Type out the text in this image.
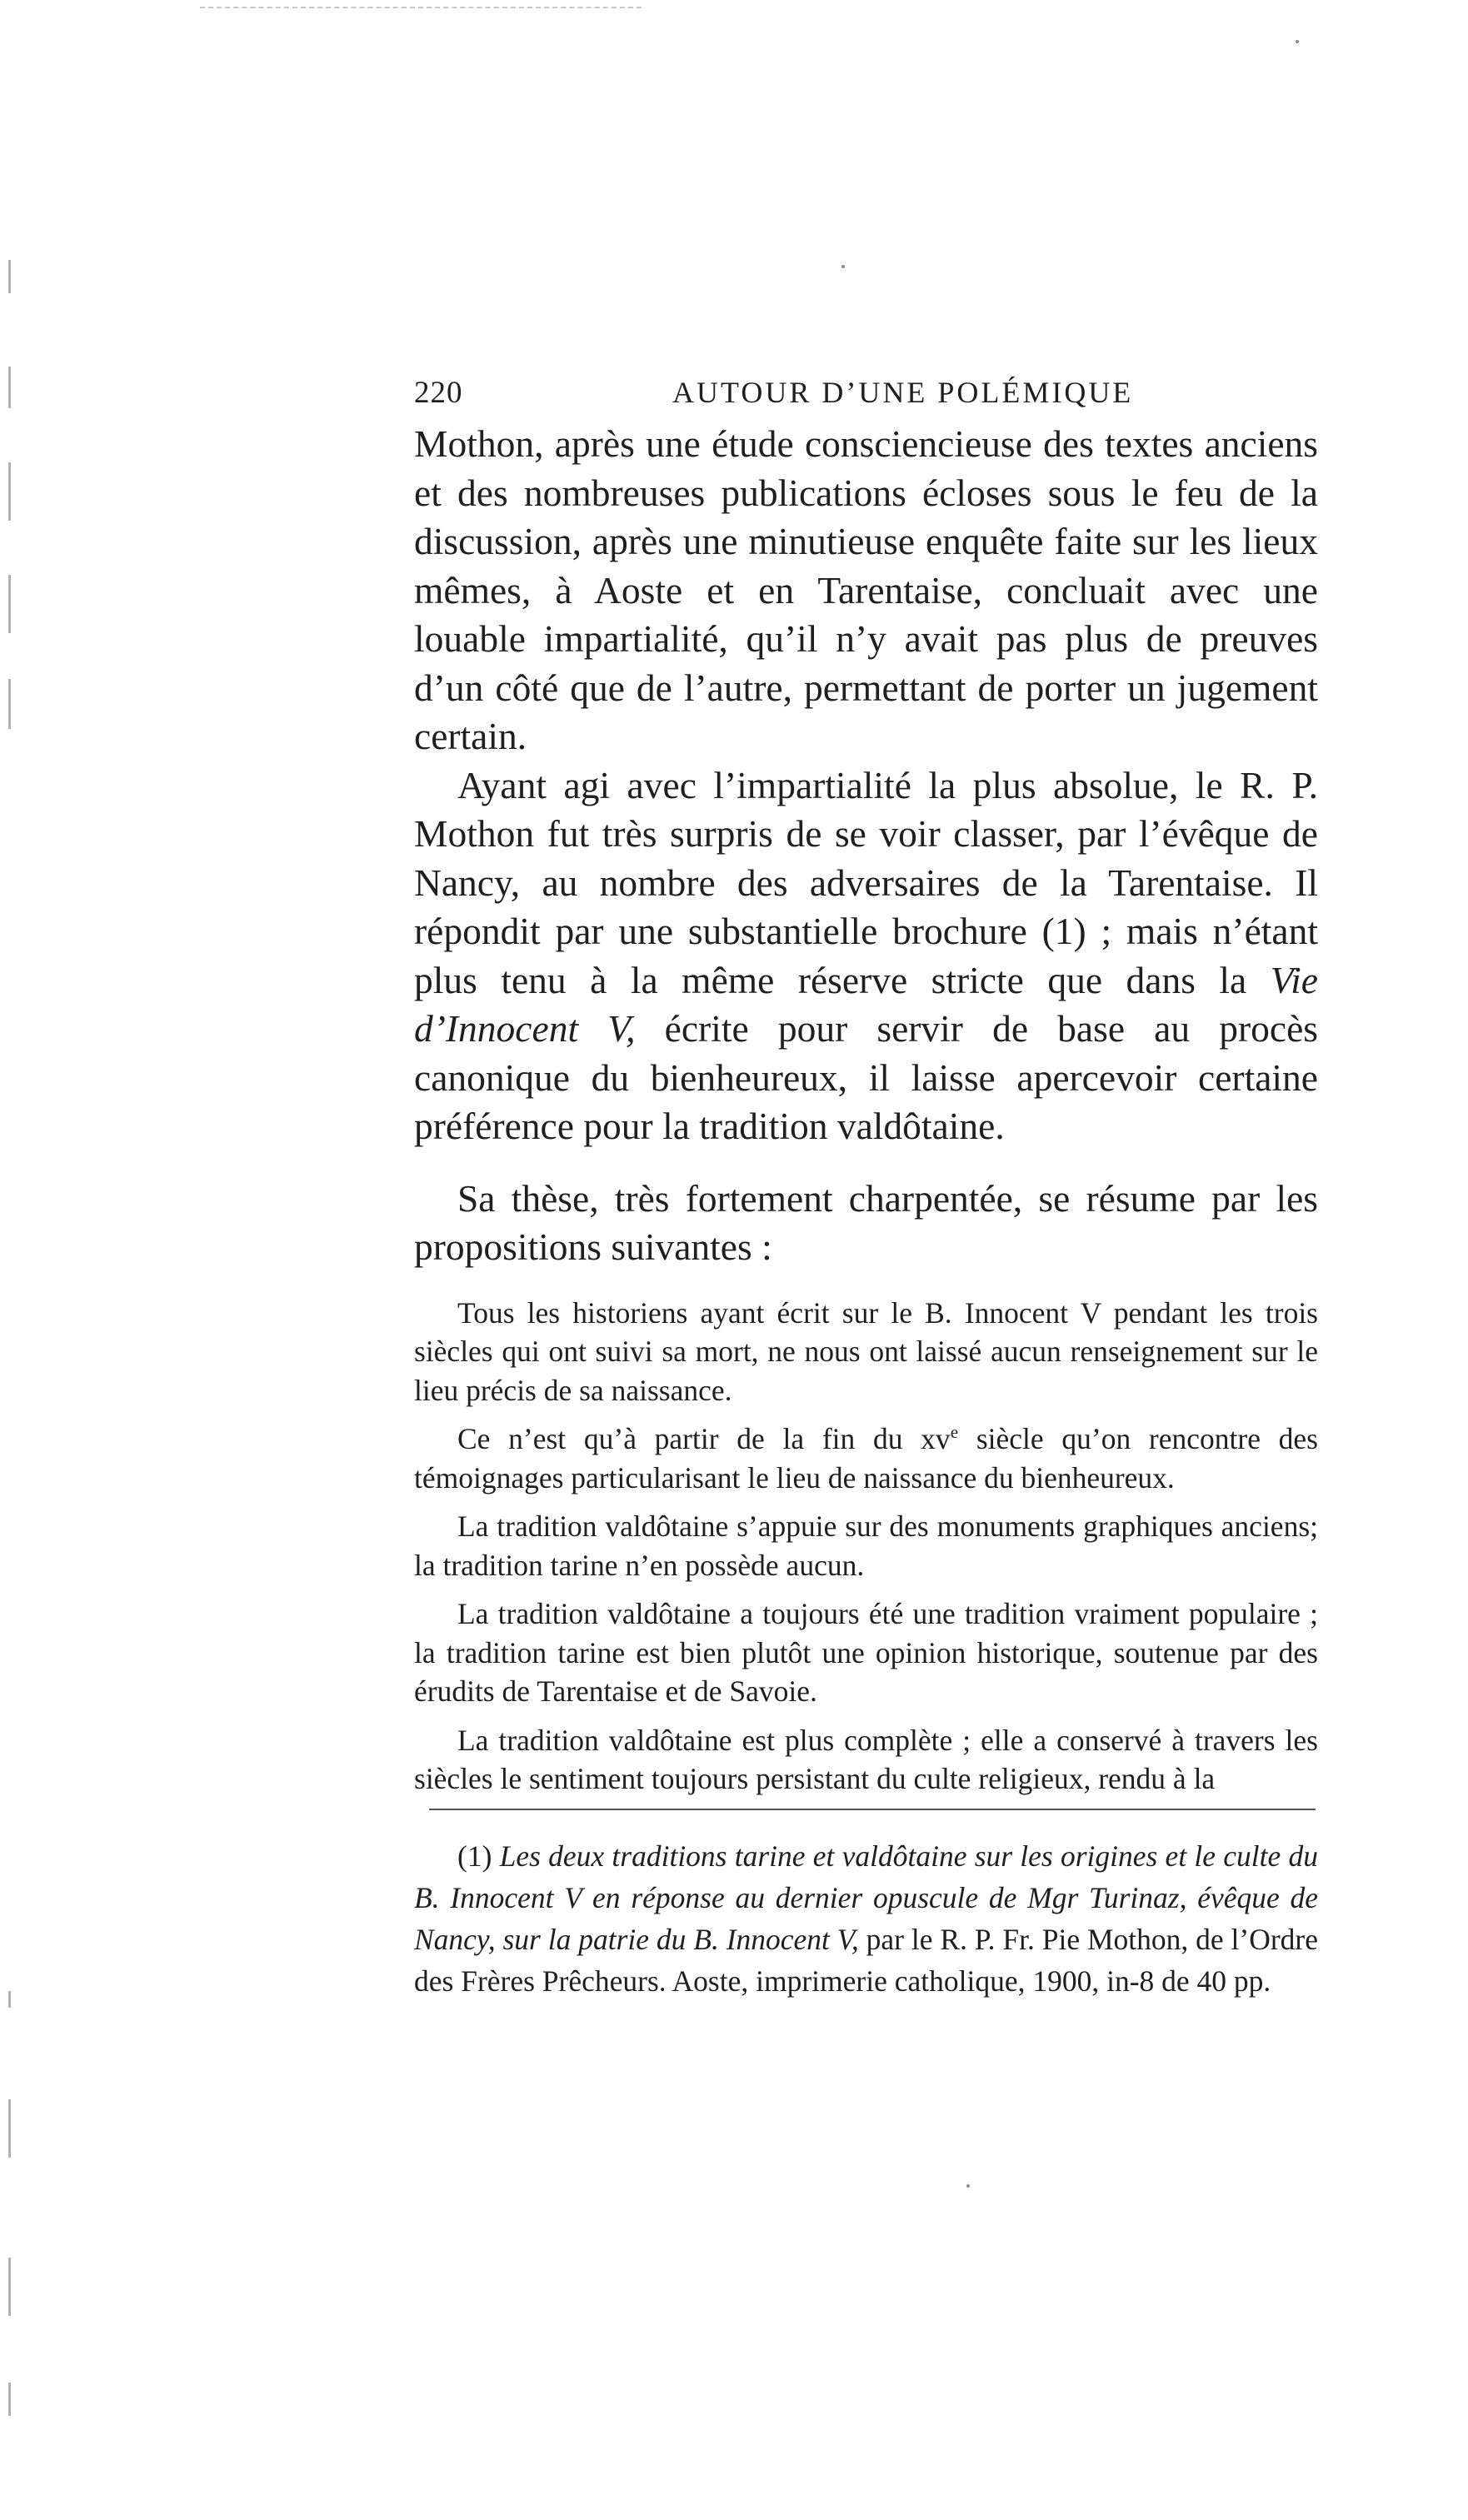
220	AUTOUR D’UNE POLÉMIQUE

Mothon, après une étude consciencieuse des textes anciens et des nombreuses publications écloses sous le feu de la discussion, après une minutieuse enquête faite sur les lieux mêmes, à Aoste et en Tarentaise, concluait avec une louable impartialité, qu’il n’y avait pas plus de preuves d’un côté que de l’autre, permettant de porter un jugement certain.

Ayant agi avec l’impartialité la plus absolue, le R. P. Mothon fut très surpris de se voir classer, par l’évêque de Nancy, au nombre des adversaires de la Tarentaise. Il répondit par une substantielle brochure (1) ; mais n’étant plus tenu à la même réserve stricte que dans la Vie d’Innocent V, écrite pour servir de base au procès canonique du bienheureux, il laisse apercevoir certaine préférence pour la tradition valdôtaine.

Sa thèse, très fortement charpentée, se résume par les propositions suivantes :

Tous les historiens ayant écrit sur le B. Innocent V pendant les trois siècles qui ont suivi sa mort, ne nous ont laissé aucun renseignement sur le lieu précis de sa naissance.

Ce n’est qu’à partir de la fin du $xv^e$ siècle qu’on rencontre des témoignages particularisant le lieu de naissance du bienheureux.

La tradition valdôtaine s’appuie sur des monuments graphiques anciens; la tradition tarine n’en possède aucun.

La tradition valdôtaine a toujours été une tradition vraiment populaire ; la tradition tarine est bien plutôt une opinion historique, soutenue par des érudits de Tarentaise et de Savoie.

La tradition valdôtaine est plus complète ; elle a conservé à travers les siècles le sentiment toujours persistant du culte religieux, rendu à la

(1) Les deux traditions tarine et valdôtaine sur les origines et le culte du B. Innocent V en réponse au dernier opuscule de Mgr Turinaz, évêque de Nancy, sur la patrie du B. Innocent V, par le R. P. Fr. Pie Mothon, de l’Ordre des Frères Prêcheurs. Aoste, imprimerie catholique, 1900, in-8 de 40 pp.
